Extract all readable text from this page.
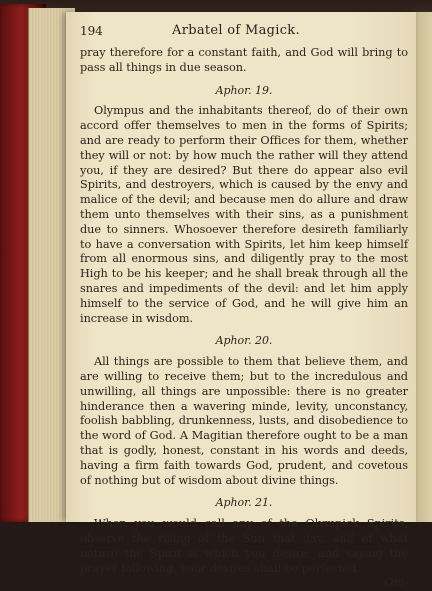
194	Arbatel of Magick.

pray therefore for a constant faith, and God will bring to pass all things in due season.

Aphor. 19.

Olympus and the inhabitants thereof, do of their own accord offer themselves to men in the forms of Spirits; and are ready to perform their Offices for them, whether they will or not: by how much the rather will they attend you, if they are desired? But there do appear also evil Spirits, and destroyers, which is caused by the envy and malice of the devil; and because men do allure and draw them unto themselves with their sins, as a punishment due to sinners. Whosoever therefore desireth familiarly to have a conversation with Spirits, let him keep himself from all enormous sins, and diligently pray to the most High to be his keeper; and he shall break through all the snares and impediments of the devil: and let him apply himself to the service of God, and he will give him an increase in wisdom.

Aphor. 20.

All things are possible to them that believe them, and are willing to receive them; but to the incredulous and unwilling, all things are unpossible: there is no greater hinderance then a wavering minde, levity, unconstancy, foolish babbling, drunkenness, lusts, and disobedience to the word of God. A Magitian therefore ought to be a man that is godly, honest, constant in his words and deeds, having a firm faith towards God, prudent, and covetous of nothing but of wisdom about divine things.

Aphor. 21.

When you would call any of the Olympick Spirits, observe the rising of the Sun that day, and of what nature the Spirit is which you desire; and saying the prayer following, your desires shall be perfected.

Om-
